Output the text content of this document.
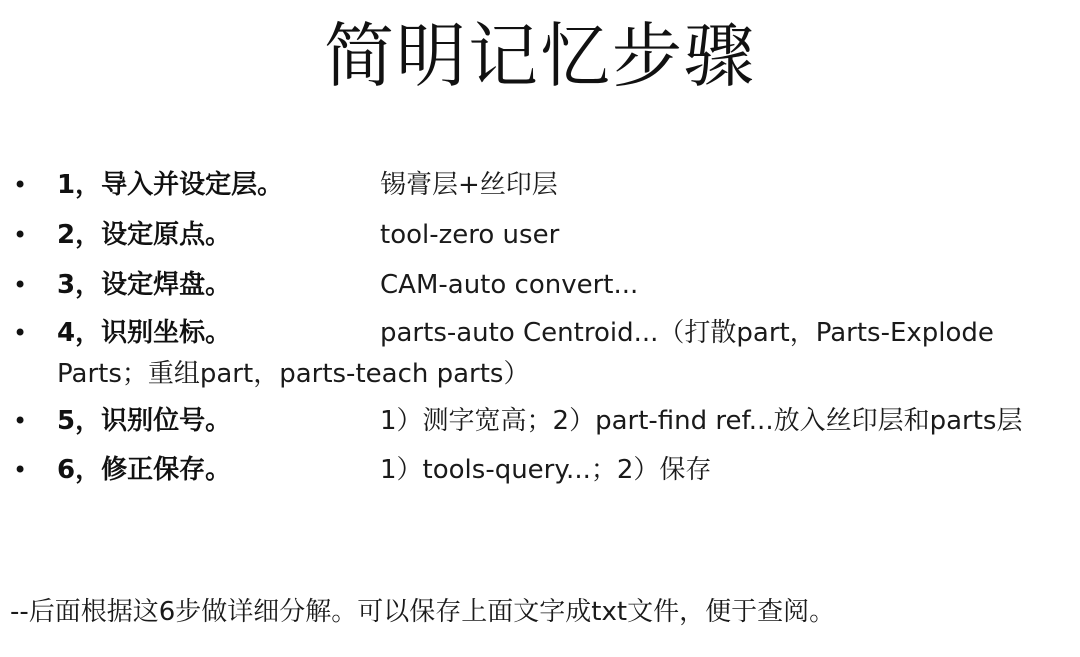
简明记忆步骤
• 1，导入并设定层。	锡膏层+丝印层
• 2，设定原点。	tool-zero user
• 3，设定焊盘。	CAM-auto convert...
• 4，识别坐标。	parts-auto Centroid...（打散part，Parts-Explode Parts；重组part，parts-teach parts）
• 5，识别位号。	1）测字宽高；2）part-find ref...放入丝印层和parts层
• 6，修正保存。	1）tools-query...；2）保存
--后面根据这6步做详细分解。可以保存上面文字成txt文件，便于查阅。
